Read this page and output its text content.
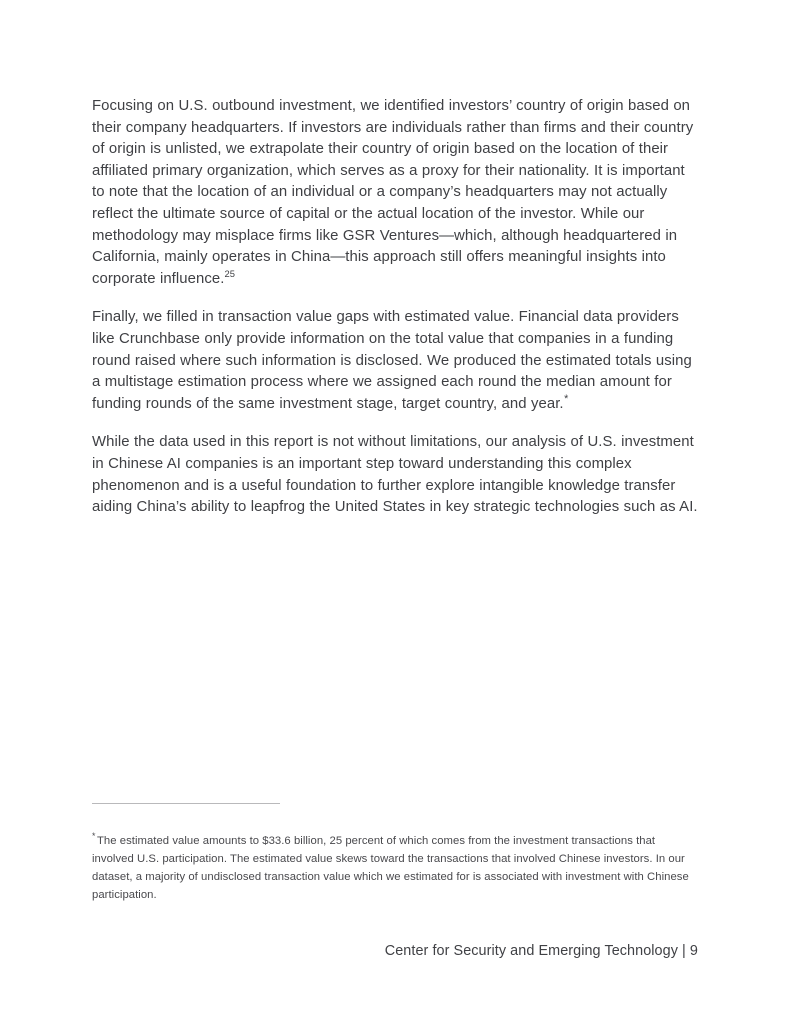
Focusing on U.S. outbound investment, we identified investors’ country of origin based on their company headquarters. If investors are individuals rather than firms and their country of origin is unlisted, we extrapolate their country of origin based on the location of their affiliated primary organization, which serves as a proxy for their nationality. It is important to note that the location of an individual or a company’s headquarters may not actually reflect the ultimate source of capital or the actual location of the investor. While our methodology may misplace firms like GSR Ventures—which, although headquartered in California, mainly operates in China—this approach still offers meaningful insights into corporate influence.$^{25}$

Finally, we filled in transaction value gaps with estimated value. Financial data providers like Crunchbase only provide information on the total value that companies in a funding round raised where such information is disclosed. We produced the estimated totals using a multistage estimation process where we assigned each round the median amount for funding rounds of the same investment stage, target country, and year.*

While the data used in this report is not without limitations, our analysis of U.S. investment in Chinese AI companies is an important step toward understanding this complex phenomenon and is a useful foundation to further explore intangible knowledge transfer aiding China’s ability to leapfrog the United States in key strategic technologies such as AI.

* The estimated value amounts to $33.6 billion, 25 percent of which comes from the investment transactions that involved U.S. participation. The estimated value skews toward the transactions that involved Chinese investors. In our dataset, a majority of undisclosed transaction value which we estimated for is associated with investment with Chinese participation.

Center for Security and Emerging Technology | 9
